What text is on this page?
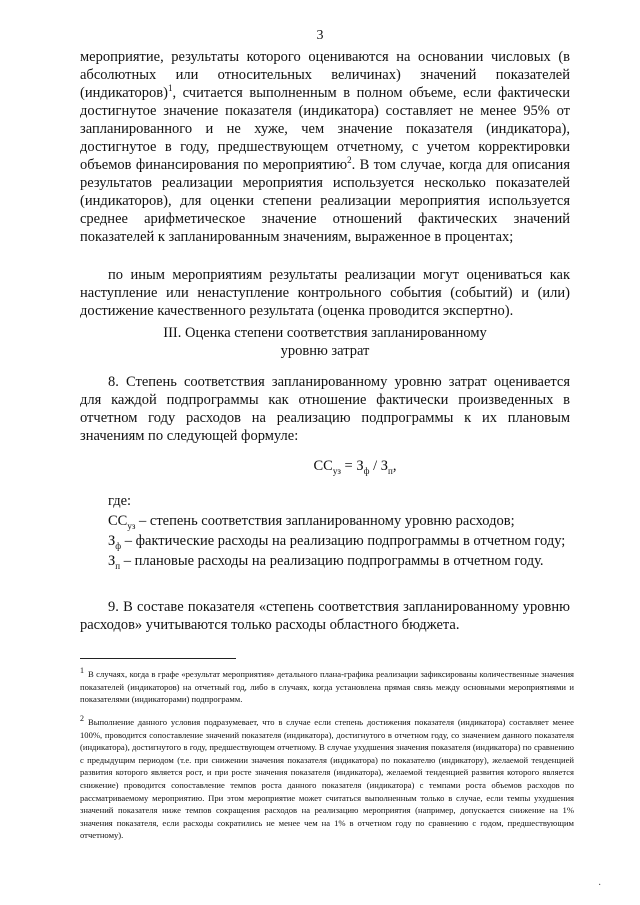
3

мероприятие, результаты которого оцениваются на основании числовых (в абсолютных или относительных величинах) значений показателей (индикаторов)$^1$, считается выполненным в полном объеме, если фактически достигнутое значение показателя (индикатора) составляет не менее 95% от запланированного и не хуже, чем значение показателя (индикатора), достигнутое в году, предшествующем отчетному, с учетом корректировки объемов финансирования по мероприятию$^2$. В том случае, когда для описания результатов реализации мероприятия используется несколько показателей (индикаторов), для оценки степени реализации мероприятия используется среднее арифметическое значение отношений фактических значений показателей к запланированным значениям, выраженное в процентах;

по иным мероприятиям результаты реализации могут оцениваться как наступление или ненаступление контрольного события (событий) и (или) достижение качественного результата (оценка проводится экспертно).

III. Оценка степени соответствия запланированному

уровню затрат

8. Степень соответствия запланированному уровню затрат оценивается для каждой подпрограммы как отношение фактически произведенных в отчетном году расходов на реализацию подпрограммы к их плановым значениям по следующей формуле:

$СС_{уз} = З_ф / З_п$,

где:

$СС_{уз}$ – степень соответствия запланированному уровню расходов;

$З_ф$ – фактические расходы на реализацию подпрограммы в отчетном году;

$З_п$ – плановые расходы на реализацию подпрограммы в отчетном году.

9. В составе показателя «степень соответствия запланированному уровню расходов» учитываются только расходы областного бюджета.

1 В случаях, когда в графе «результат мероприятия» детального плана-графика реализации зафиксированы количественные значения показателей (индикаторов) на отчетный год, либо в случаях, когда установлена прямая связь между основными мероприятиями и показателями (индикаторами) подпрограмм.
2 Выполнение данного условия подразумевает, что в случае если степень достижения показателя (индикатора) составляет менее 100%, проводится сопоставление значений показателя (индикатора), достигнутого в отчетном году, со значением данного показателя (индикатора), достигнутого в году, предшествующем отчетному. В случае ухудшения значения показателя (индикатора) по сравнению с предыдущим периодом (т.е. при снижении значения показателя (индикатора) по показателю (индикатору), желаемой тенденцией развития которого является рост, и при росте значения показателя (индикатора), желаемой тенденцией развития которого является снижение) проводится сопоставление темпов роста данного показателя (индикатора) с темпами роста объемов расходов по рассматриваемому мероприятию. При этом мероприятие может считаться выполненным только в случае, если темпы ухудшения значений показателя ниже темпов сокращения расходов на реализацию мероприятия (например, допускается снижение на 1% значения показателя, если расходы сократились не менее чем на 1% в отчетном году по сравнению с годом, предшествующим отчетному).
·
